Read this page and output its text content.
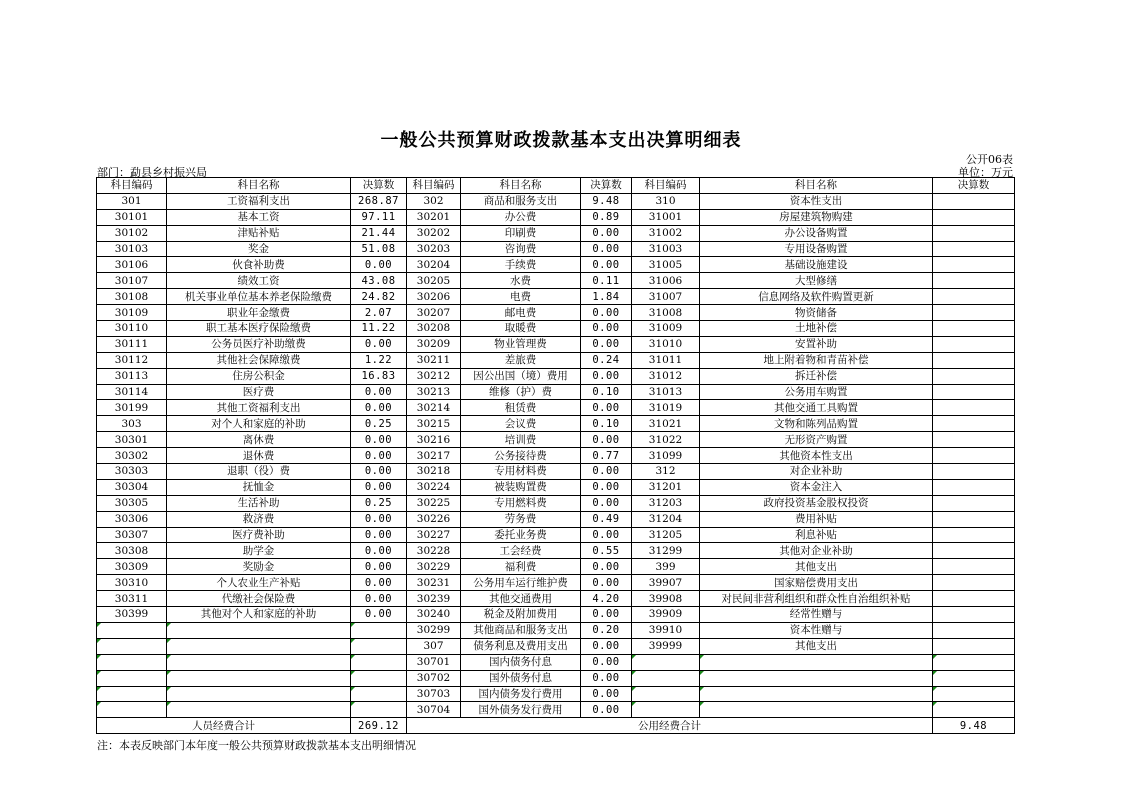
一般公共预算财政拨款基本支出决算明细表
公开06表
部门：勐县乡村振兴局	单位：万元
科目编码	科目名称	决算数	科目编码	科目名称	决算数	科目编码	科目名称	决算数
301	工资福利支出	268.87	302	商品和服务支出	9.48	310	资本性支出	
30101	基本工资	97.11	30201	办公费	0.89	31001	房屋建筑物购建	
30102	津贴补贴	21.44	30202	印刷费	0.00	31002	办公设备购置	
30103	奖金	51.08	30203	咨询费	0.00	31003	专用设备购置	
30106	伙食补助费	0.00	30204	手续费	0.00	31005	基础设施建设	
30107	绩效工资	43.08	30205	水费	0.11	31006	大型修缮	
30108	机关事业单位基本养老保险缴费	24.82	30206	电费	1.84	31007	信息网络及软件购置更新	
30109	职业年金缴费	2.07	30207	邮电费	0.00	31008	物资储备	
30110	职工基本医疗保险缴费	11.22	30208	取暖费	0.00	31009	土地补偿	
30111	公务员医疗补助缴费	0.00	30209	物业管理费	0.00	31010	安置补助	
30112	其他社会保障缴费	1.22	30211	差旅费	0.24	31011	地上附着物和青苗补偿	
30113	住房公积金	16.83	30212	因公出国（境）费用	0.00	31012	拆迁补偿	
30114	医疗费	0.00	30213	维修（护）费	0.10	31013	公务用车购置	
30199	其他工资福利支出	0.00	30214	租赁费	0.00	31019	其他交通工具购置	
303	对个人和家庭的补助	0.25	30215	会议费	0.10	31021	文物和陈列品购置	
30301	离休费	0.00	30216	培训费	0.00	31022	无形资产购置	
30302	退休费	0.00	30217	公务接待费	0.77	31099	其他资本性支出	
30303	退职（役）费	0.00	30218	专用材料费	0.00	312	对企业补助	
30304	抚恤金	0.00	30224	被装购置费	0.00	31201	资本金注入	
30305	生活补助	0.25	30225	专用燃料费	0.00	31203	政府投资基金股权投资	
30306	救济费	0.00	30226	劳务费	0.49	31204	费用补贴	
30307	医疗费补助	0.00	30227	委托业务费	0.00	31205	利息补贴	
30308	助学金	0.00	30228	工会经费	0.55	31299	其他对企业补助	
30309	奖励金	0.00	30229	福利费	0.00	399	其他支出	
30310	个人农业生产补贴	0.00	30231	公务用车运行维护费	0.00	39907	国家赔偿费用支出	
30311	代缴社会保险费	0.00	30239	其他交通费用	4.20	39908	对民间非营利组织和群众性自治组织补贴	
30399	其他对个人和家庭的补助	0.00	30240	税金及附加费用	0.00	39909	经常性赠与	
			30299	其他商品和服务支出	0.20	39910	资本性赠与	
			307	债务利息及费用支出	0.00	39999	其他支出	
			30701	国内债务付息	0.00			
			30702	国外债务付息	0.00			
			30703	国内债务发行费用	0.00			
			30704	国外债务发行费用	0.00			
人员经费合计		269.12	公用经费合计					9.48
注：本表反映部门本年度一般公共预算财政拨款基本支出明细情况
